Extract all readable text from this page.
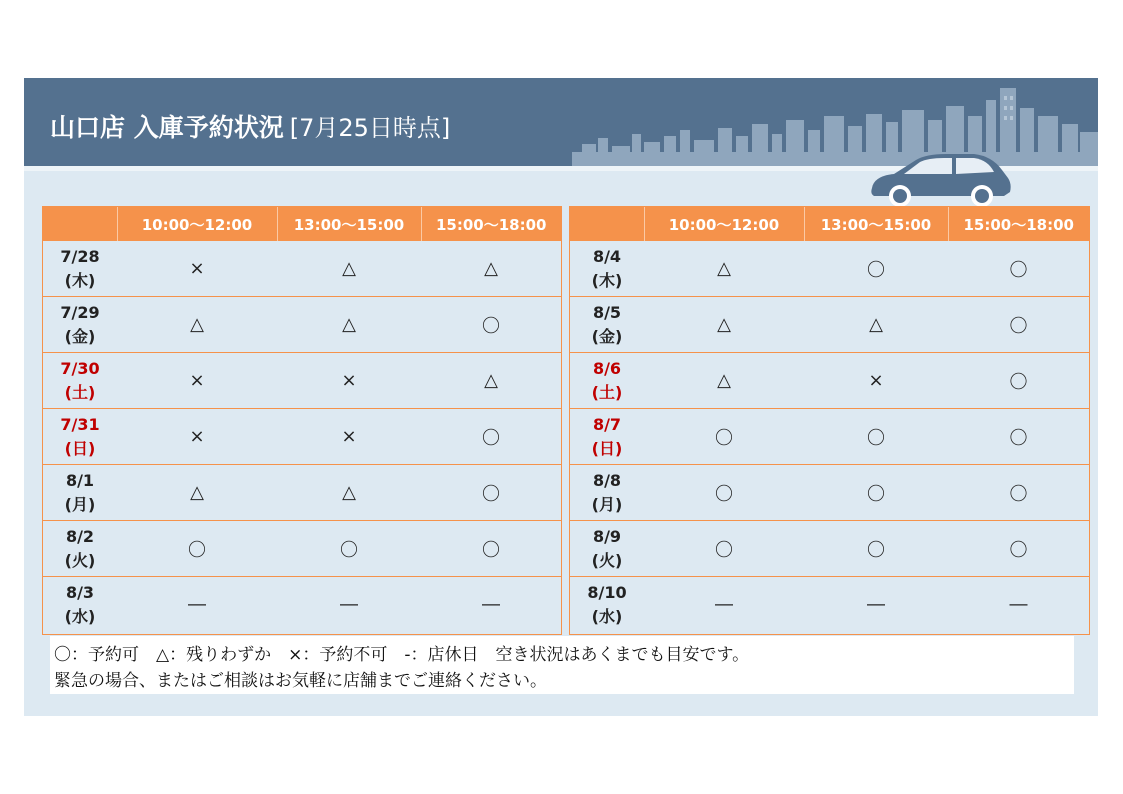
山口店 入庫予約状況 [7月25日時点]
	10:00〜12:00	13:00〜15:00	15:00〜18:00

7/28
(木)	×	△	△

7/29
(金)	△	△	〇

7/30
(土)	×	×	△

7/31
(日)	×	×	〇

8/1
(月)	△	△	〇

8/2
(火)	〇	〇	〇

8/3
(水)	―	―	―
	10:00〜12:00	13:00〜15:00	15:00〜18:00

8/4
(木)	△	〇	〇

8/5
(金)	△	△	〇

8/6
(土)	△	×	〇

8/7
(日)	〇	〇	〇

8/8
(月)	〇	〇	〇

8/9
(火)	〇	〇	〇

8/10
(水)	―	―	―
〇：予約可　△：残りわずか　×：予約不可　-：店休日　空き状況はあくまでも目安です。
緊急の場合、またはご相談はお気軽に店舗までご連絡ください。
